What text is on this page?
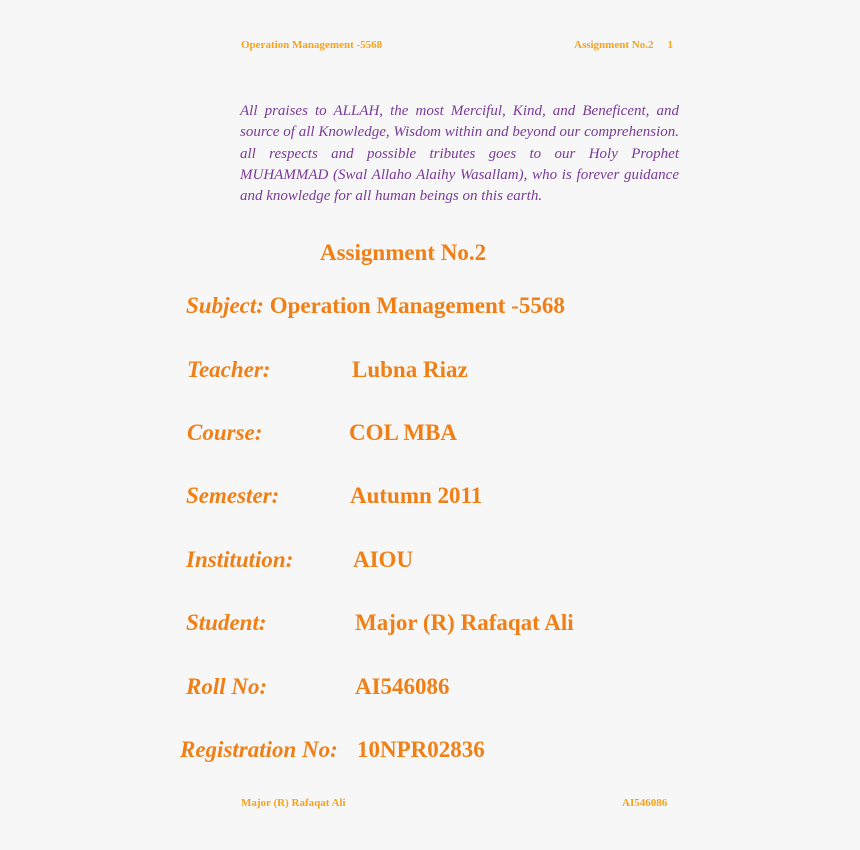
Operation Management -5568	Assignment No.2 1
All praises to ALLAH, the most Merciful, Kind, and Beneficent, and source of all Knowledge, Wisdom within and beyond our comprehension. all respects and possible tributes goes to our Holy Prophet MUHAMMAD (Swal Allaho Alaihy Wasallam), who is forever guidance and knowledge for all human beings on this earth.
Assignment No.2
Subject: Operation Management -5568
Teacher:	Lubna Riaz
Course:	COL MBA
Semester:	Autumn 2011
Institution:	AIOU
Student:	Major (R) Rafaqat Ali
Roll No:	AI546086
Registration No: 10NPR02836
Major (R) Rafaqat Ali	AI546086
